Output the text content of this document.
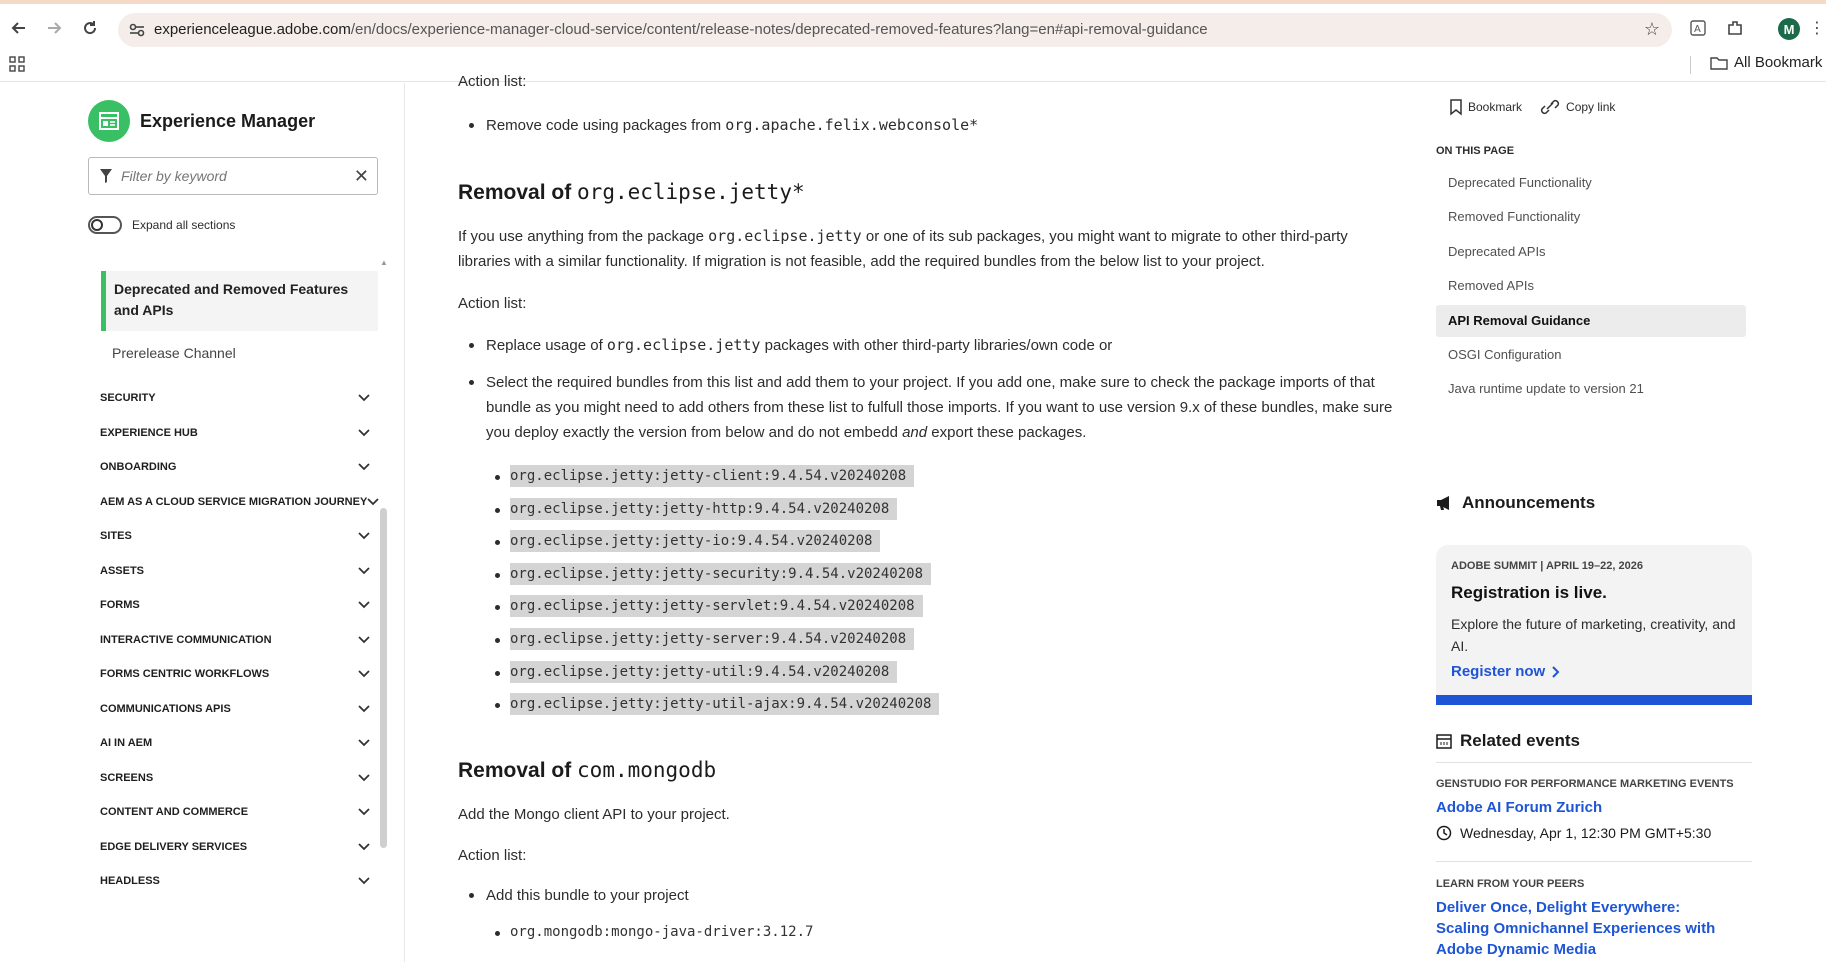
experienceleague.adobe.com/en/docs/experience-manager-cloud-service/content/release-notes/deprecated-removed-features?lang=en#api-removal-guidance	☆	A	M ⋮
All Bookmark
Experience Manager
Filter by keyword
✕
Expand all sections
▲
Deprecated and Removed Features and APIs
Prerelease Channel
SECURITY
EXPERIENCE HUB
ONBOARDING
AEM AS A CLOUD SERVICE MIGRATION JOURNEY
SITES
ASSETS
FORMS
INTERACTIVE COMMUNICATION
FORMS CENTRIC WORKFLOWS
COMMUNICATIONS APIS
AI IN AEM
SCREENS
CONTENT AND COMMERCE
EDGE DELIVERY SERVICES
HEADLESS
Action list:
Remove code using packages from org.apache.felix.webconsole*
Removal of org.eclipse.jetty*

If you use anything from the package org.eclipse.jetty or one of its sub packages, you might want to migrate to other third-party libraries with a similar functionality. If migration is not feasible, add the required bundles from the below list to your project.

Action list:

Replace usage of org.eclipse.jetty packages with other third-party libraries/own code or
Select the required bundles from this list and add them to your project. If you add one, make sure to check the package imports of that bundle as you might need to add others from these list to fulfull those imports. If you want to use version 9.x of these bundles, make sure you deploy exactly the version from below and do not embedd and export these packages.
org.eclipse.jetty:jetty-client:9.4.54.v20240208
org.eclipse.jetty:jetty-http:9.4.54.v20240208
org.eclipse.jetty:jetty-io:9.4.54.v20240208
org.eclipse.jetty:jetty-security:9.4.54.v20240208
org.eclipse.jetty:jetty-servlet:9.4.54.v20240208
org.eclipse.jetty:jetty-server:9.4.54.v20240208
org.eclipse.jetty:jetty-util:9.4.54.v20240208
org.eclipse.jetty:jetty-util-ajax:9.4.54.v20240208
Removal of com.mongodb

Add the Mongo client API to your project.

Action list:

Add this bundle to your project
org.mongodb:mongo-java-driver:3.12.7
Bookmark	Copy link
ON THIS PAGE
Deprecated Functionality
Removed Functionality
Deprecated APIs
Removed APIs
API Removal Guidance
OSGI Configuration
Java runtime update to version 21
Announcements
ADOBE SUMMIT | APRIL 19–22, 2026
Registration is live.
Explore the future of marketing, creativity, and AI.
Register now
Related events
GENSTUDIO FOR PERFORMANCE MARKETING EVENTS
Adobe AI Forum Zurich
Wednesday, Apr 1, 12:30 PM GMT+5:30
LEARN FROM YOUR PEERS
Deliver Once, Delight Everywhere: Scaling Omnichannel Experiences with Adobe Dynamic Media
